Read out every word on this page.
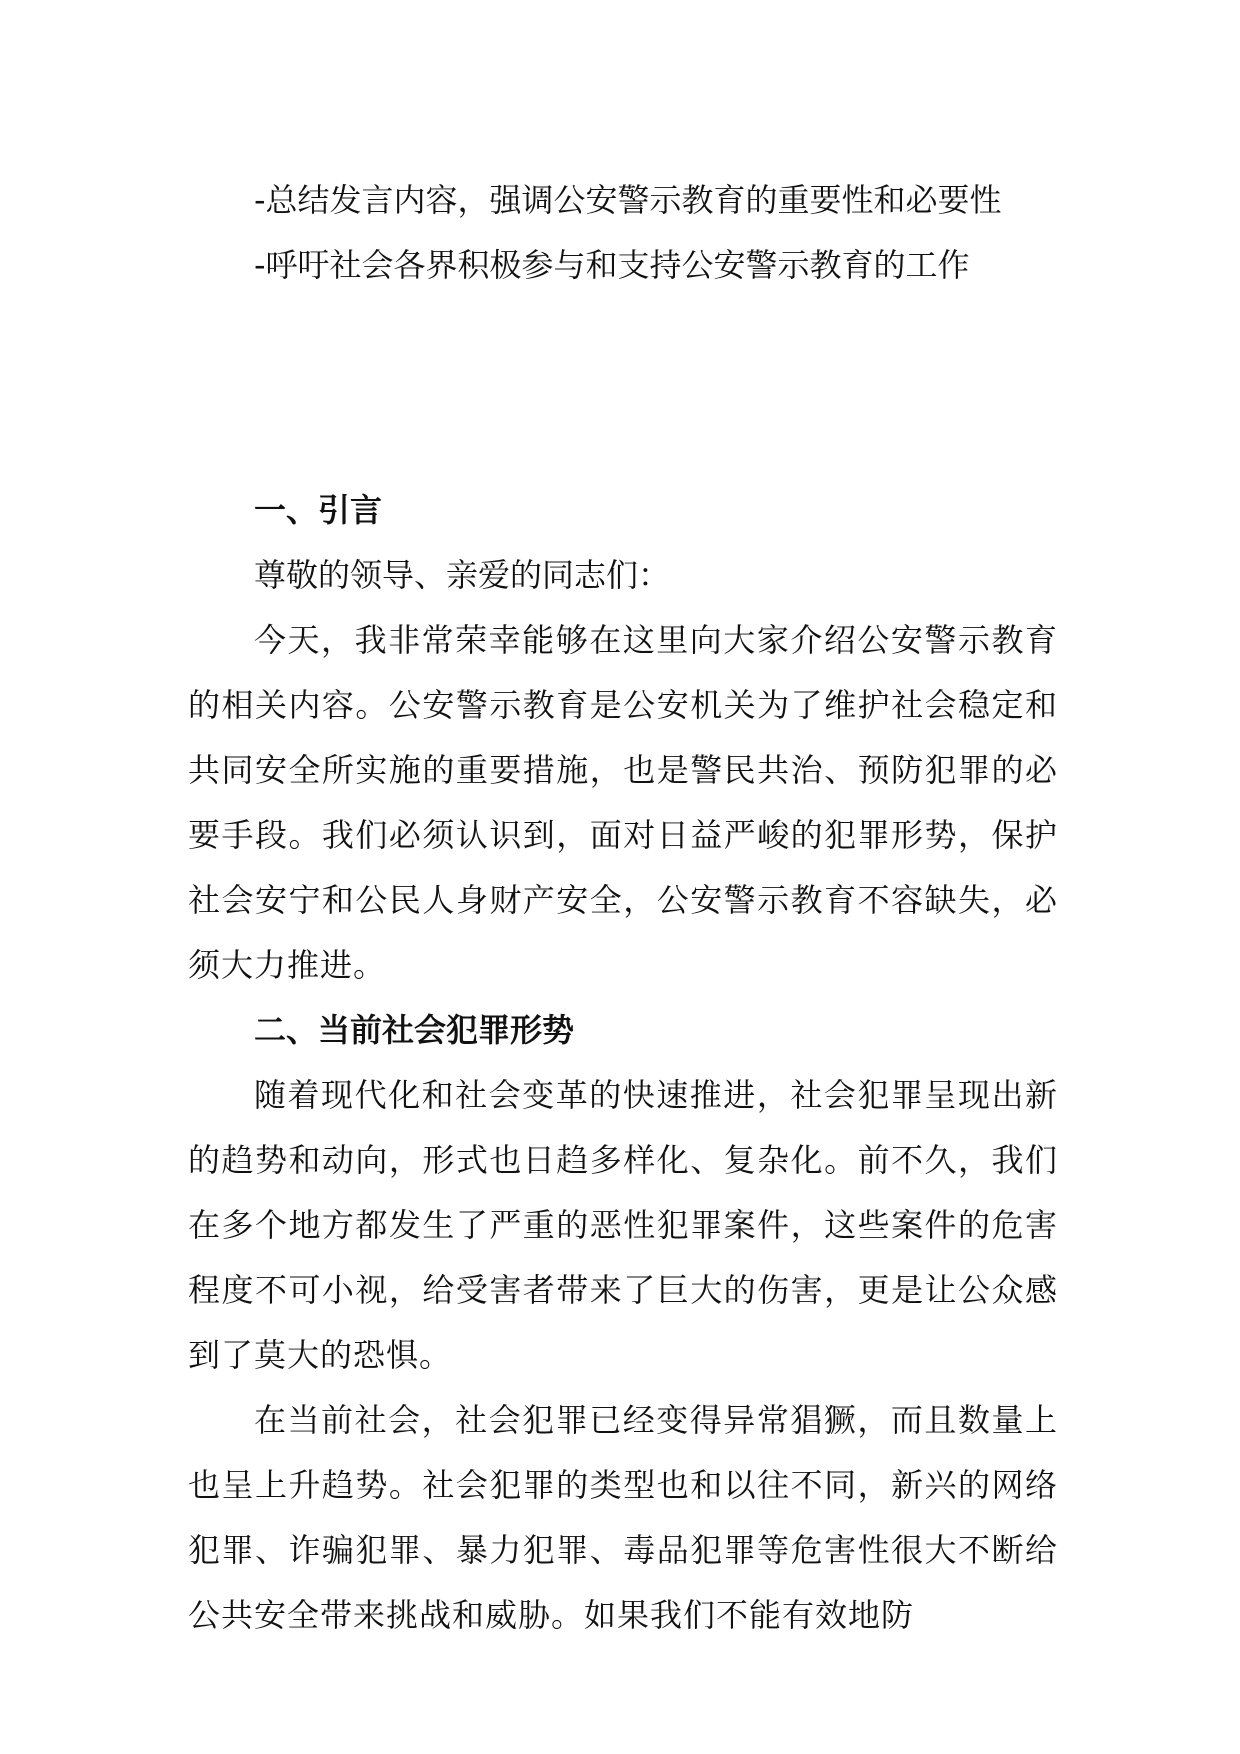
-总结发言内容，强调公安警示教育的重要性和必要性

-呼吁社会各界积极参与和支持公安警示教育的工作

一、引言

尊敬的领导、亲爱的同志们：

今天，我非常荣幸能够在这里向大家介绍公安警示教育的相关内容。公安警示教育是公安机关为了维护社会稳定和共同安全所实施的重要措施，也是警民共治、预防犯罪的必要手段。我们必须认识到，面对日益严峻的犯罪形势，保护社会安宁和公民人身财产安全，公安警示教育不容缺失，必须大力推进。

二、当前社会犯罪形势

随着现代化和社会变革的快速推进，社会犯罪呈现出新的趋势和动向，形式也日趋多样化、复杂化。前不久，我们在多个地方都发生了严重的恶性犯罪案件，这些案件的危害程度不可小视，给受害者带来了巨大的伤害，更是让公众感到了莫大的恐惧。

在当前社会，社会犯罪已经变得异常猖獗，而且数量上也呈上升趋势。社会犯罪的类型也和以往不同，新兴的网络犯罪、诈骗犯罪、暴力犯罪、毒品犯罪等危害性很大不断给公共安全带来挑战和威胁。如果我们不能有效地防
